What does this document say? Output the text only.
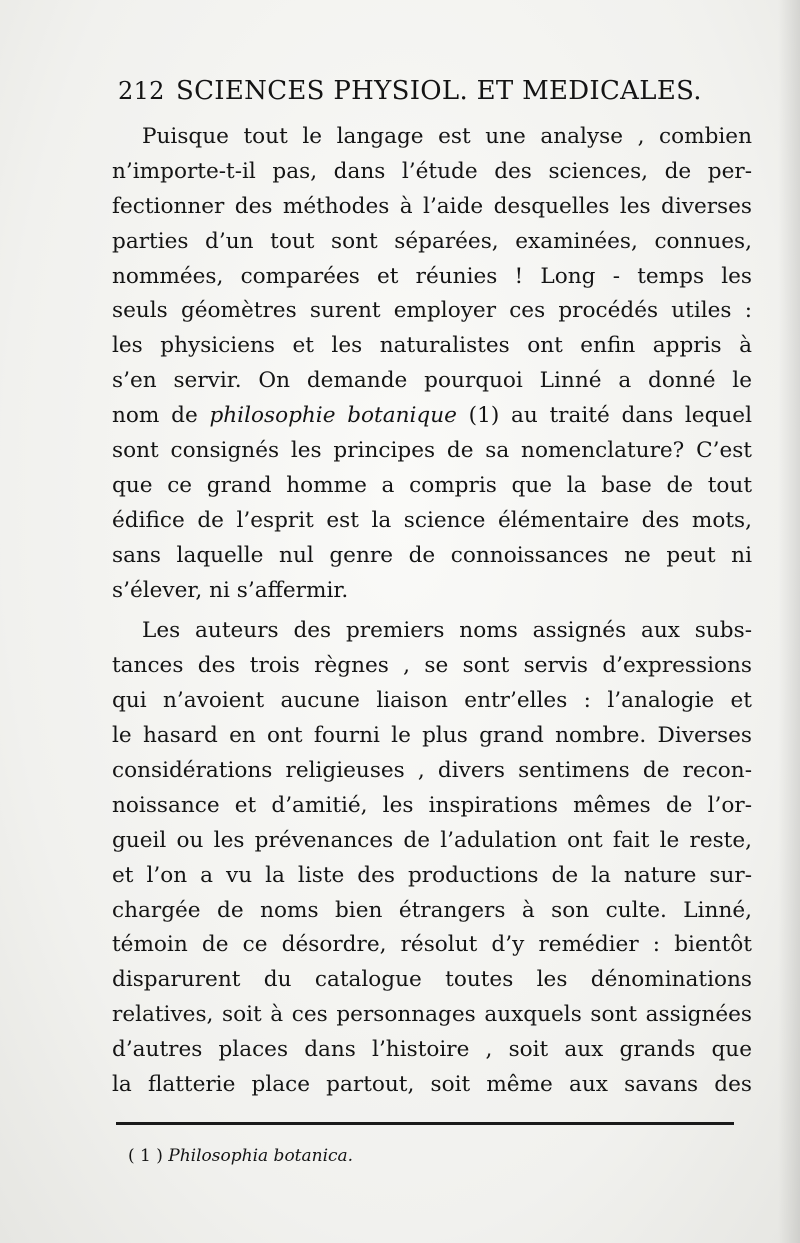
212 SCIENCES PHYSIOL. ET MEDICALES.
Puisque tout le langage est une analyse , combien
n’importe-t-il pas, dans l’étude des sciences, de per-
fectionner des méthodes à l’aide desquelles les diverses
parties d’un tout sont séparées, examinées, connues,
nommées, comparées et réunies ! Long - temps les
seuls géomètres surent employer ces procédés utiles :
les physiciens et les naturalistes ont enfin appris à
s’en servir. On demande pourquoi Linné a donné le
nom de philosophie botanique (1) au traité dans lequel
sont consignés les principes de sa nomenclature? C’est
que ce grand homme a compris que la base de tout
édifice de l’esprit est la science élémentaire des mots,
sans laquelle nul genre de connoissances ne peut ni
s’élever, ni s’affermir.
Les auteurs des premiers noms assignés aux subs-
tances des trois règnes , se sont servis d’expressions
qui n’avoient aucune liaison entr’elles : l’analogie et
le hasard en ont fourni le plus grand nombre. Diverses
considérations religieuses , divers sentimens de recon-
noissance et d’amitié, les inspirations mêmes de l’or-
gueil ou les prévenances de l’adulation ont fait le reste,
et l’on a vu la liste des productions de la nature sur-
chargée de noms bien étrangers à son culte. Linné,
témoin de ce désordre, résolut d’y remédier : bientôt
disparurent du catalogue toutes les dénominations
relatives, soit à ces personnages auxquels sont assignées
d’autres places dans l’histoire , soit aux grands que
la flatterie place partout, soit même aux savans des
( 1 ) Philosophia botanica.
